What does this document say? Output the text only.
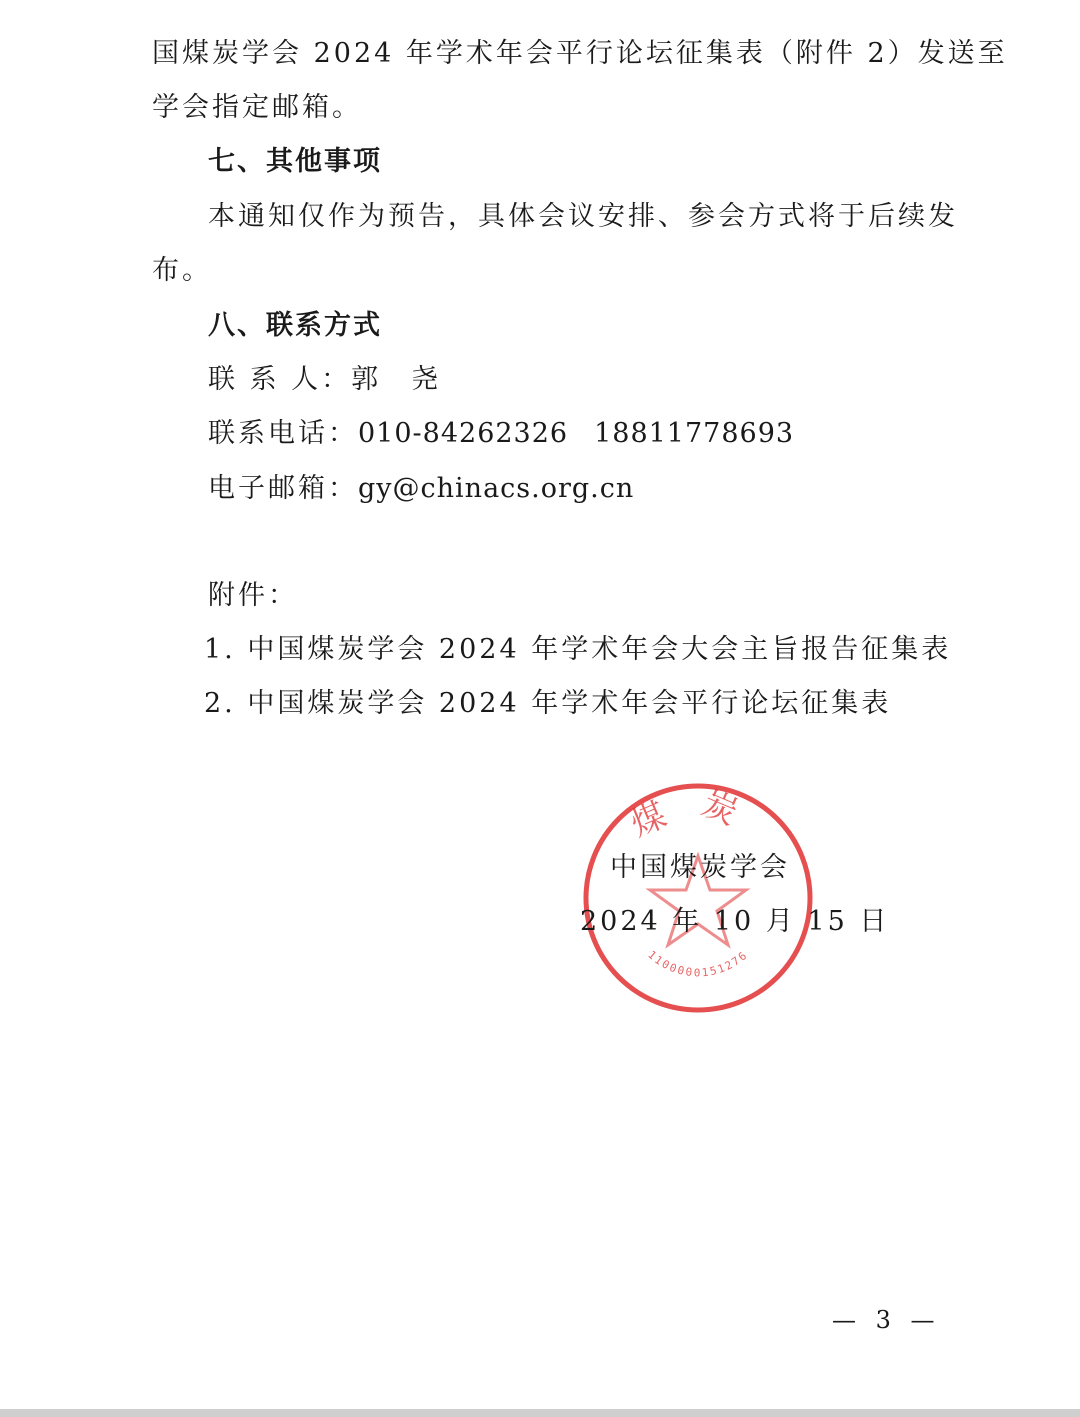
国煤炭学会 2024 年学术年会平行论坛征集表（附件 2）发送至
学会指定邮箱。
七、其他事项
本通知仅作为预告，具体会议安排、参会方式将于后续发
布。
八、联系方式
联 系 人：郭　尧
联系电话：010-84262326 18811778693
电子邮箱：gy@chinacs.org.cn
附件：
1. 中国煤炭学会 2024 年学术年会大会主旨报告征集表
2. 中国煤炭学会 2024 年学术年会平行论坛征集表
煤炭
1100000151276
中国煤炭学会
2024 年 10 月 15 日
— 3 —
